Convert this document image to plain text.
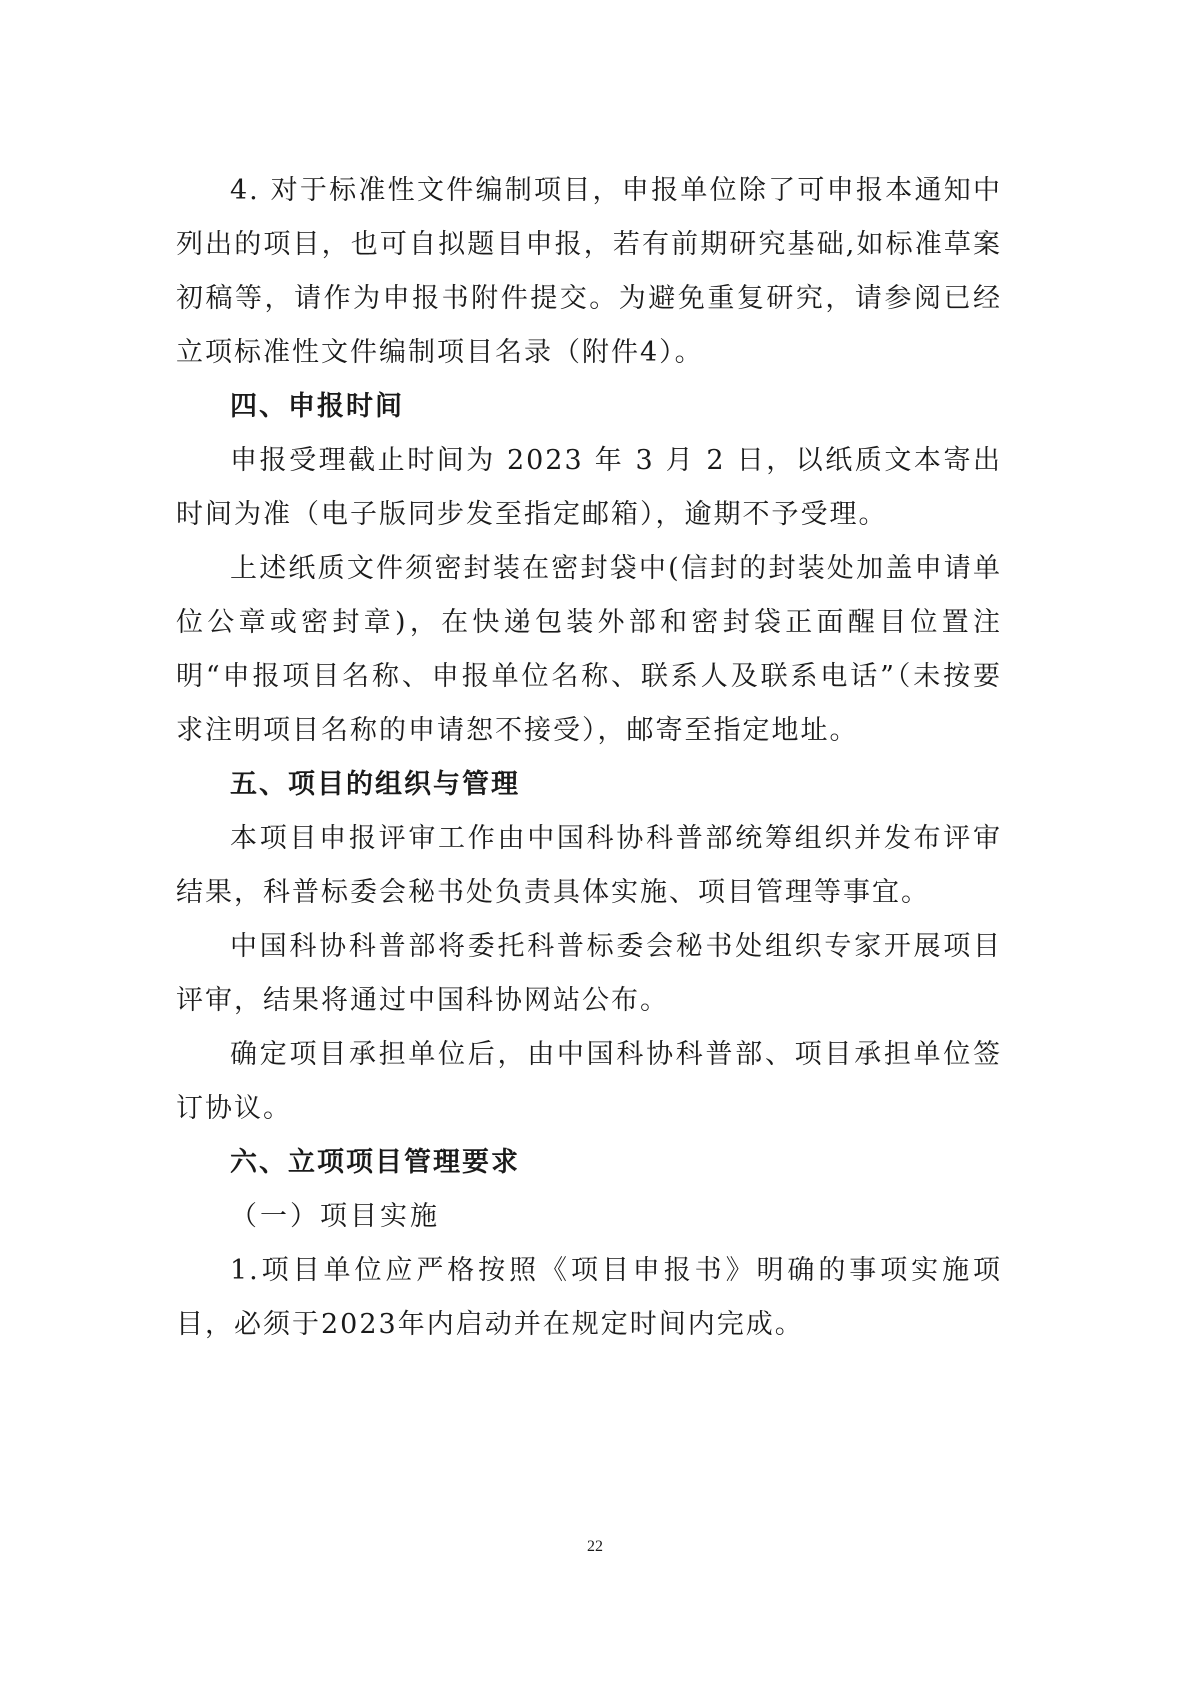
4. 对于标准性文件编制项目，申报单位除了可申报本通知中列出的项目，也可自拟题目申报，若有前期研究基础,如标准草案初稿等，请作为申报书附件提交。为避免重复研究，请参阅已经立项标准性文件编制项目名录（附件4）。

四、申报时间

申报受理截止时间为 2023 年 3 月 2 日，以纸质文本寄出时间为准（电子版同步发至指定邮箱），逾期不予受理。

上述纸质文件须密封装在密封袋中(信封的封装处加盖申请单位公章或密封章)，在快递包装外部和密封袋正面醒目位置注明“申报项目名称、申报单位名称、联系人及联系电话”（未按要求注明项目名称的申请恕不接受），邮寄至指定地址。

五、项目的组织与管理

本项目申报评审工作由中国科协科普部统筹组织并发布评审结果，科普标委会秘书处负责具体实施、项目管理等事宜。

中国科协科普部将委托科普标委会秘书处组织专家开展项目评审，结果将通过中国科协网站公布。

确定项目承担单位后，由中国科协科普部、项目承担单位签订协议。

六、立项项目管理要求

（一）项目实施

1.项目单位应严格按照《项目申报书》明确的事项实施项目，必须于2023年内启动并在规定时间内完成。

22
